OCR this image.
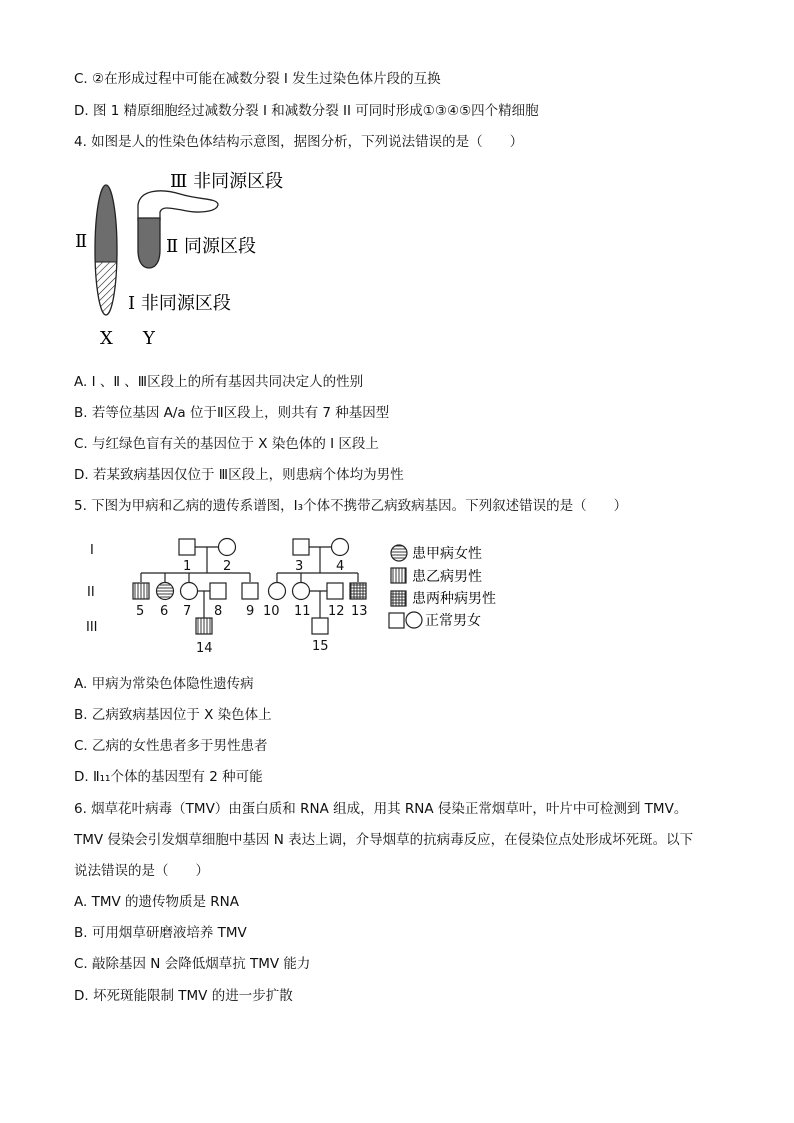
C. ②在形成过程中可能在减数分裂 I 发生过染色体片段的互换
D. 图 1 精原细胞经过减数分裂 I 和减数分裂 II 可同时形成①③④⑤四个精细胞
4. 如图是人的性染色体结构示意图，据图分析，下列说法错误的是（　　）
Ⅲ 非同源区段
Ⅱ 同源区段
Ⅰ 非同源区段
Ⅱ
X Y
A. Ⅰ 、Ⅱ 、Ⅲ区段上的所有基因共同决定人的性别
B. 若等位基因 A/a 位于Ⅱ区段上，则共有 7 种基因型
C. 与红绿色盲有关的基因位于 X 染色体的 I 区段上
D. 若某致病基因仅位于 Ⅲ区段上，则患病个体均为男性
5. 下图为甲病和乙病的遗传系谱图，I₃个体不携带乙病致病基因。下列叙述错误的是（　　）
I
II
III
1 2	3	4
5 6 7 8 9 10 11 12 13
14	15
患甲病女性
患乙病男性
患两种病男性
正常男女
A. 甲病为常染色体隐性遗传病
B. 乙病致病基因位于 X 染色体上
C. 乙病的女性患者多于男性患者
D. Ⅱ₁₁个体的基因型有 2 种可能
6. 烟草花叶病毒（TMV）由蛋白质和 RNA 组成，用其 RNA 侵染正常烟草叶，叶片中可检测到 TMV。
TMV 侵染会引发烟草细胞中基因 N 表达上调，介导烟草的抗病毒反应，在侵染位点处形成坏死斑。以下
说法错误的是（　　）
A. TMV 的遗传物质是 RNA
B. 可用烟草研磨液培养 TMV
C. 敲除基因 N 会降低烟草抗 TMV 能力
D. 坏死斑能限制 TMV 的进一步扩散
